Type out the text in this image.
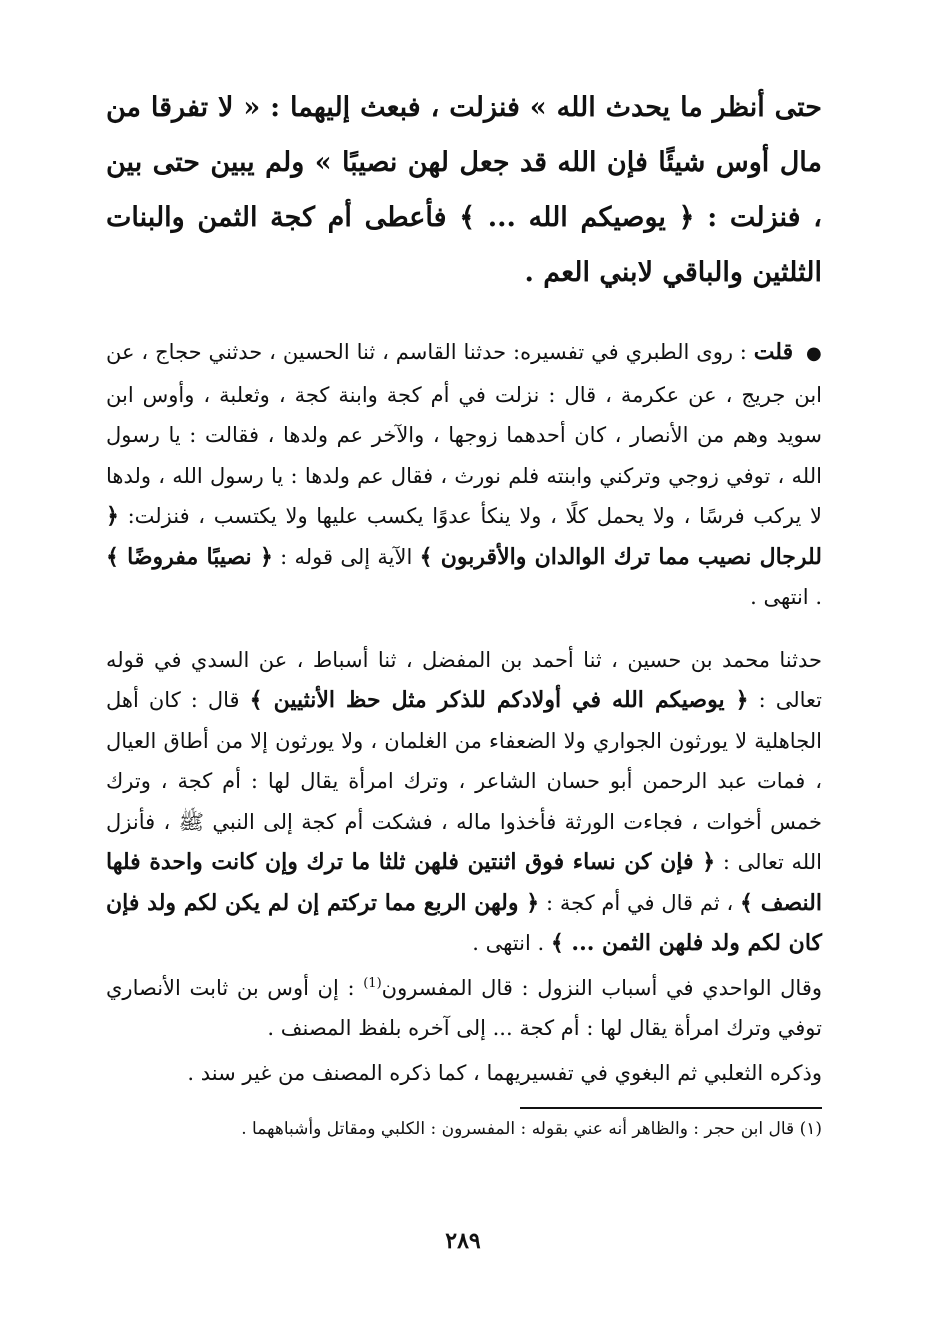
حتى أنظر ما يحدث الله » فنزلت ، فبعث إليهما : « لا تفرقا من مال أوس شيئًا فإن الله قد جعل لهن نصيبًا » ولم يبين حتى بين ، فنزلت : ﴿ يوصيكم الله ... ﴾ فأعطى أم كجة الثمن والبنات الثلثين والباقي لابني العم .

● قلت : روى الطبري في تفسيره: حدثنا القاسم ، ثنا الحسين ، حدثني حجاج ، عن ابن جريج ، عن عكرمة ، قال : نزلت في أم كجة وابنة كجة ، وثعلبة ، وأوس ابن سويد وهم من الأنصار ، كان أحدهما زوجها ، والآخر عم ولدها ، فقالت : يا رسول الله ، توفي زوجي وتركني وابنته فلم نورث ، فقال عم ولدها : يا رسول الله ، ولدها لا يركب فرسًا ، ولا يحمل كلًا ، ولا ينكأ عدوًا يكسب عليها ولا يكتسب ، فنزلت: ﴿ للرجال نصيب مما ترك الوالدان والأقربون ﴾ الآية إلى قوله : ﴿ نصيبًا مفروضًا ﴾ . انتهى .

حدثنا محمد بن حسين ، ثنا أحمد بن المفضل ، ثنا أسباط ، عن السدي في قوله تعالى : ﴿ يوصيكم الله في أولادكم للذكر مثل حظ الأنثيين ﴾ قال : كان أهل الجاهلية لا يورثون الجواري ولا الضعفاء من الغلمان ، ولا يورثون إلا من أطاق العيال ، فمات عبد الرحمن أبو حسان الشاعر ، وترك امرأة يقال لها : أم كجة ، وترك خمس أخوات ، فجاءت الورثة فأخذوا ماله ، فشكت أم كجة إلى النبي ﷺ ، فأنزل الله تعالى : ﴿ فإن كن نساء فوق اثنتين فلهن ثلثا ما ترك وإن كانت واحدة فلها النصف ﴾ ، ثم قال في أم كجة : ﴿ ولهن الربع مما تركتم إن لم يكن لكم ولد فإن كان لكم ولد فلهن الثمن ... ﴾ . انتهى .

وقال الواحدي في أسباب النزول : قال المفسرون$^{(1)}$ : إن أوس بن ثابت الأنصاري توفي وترك امرأة يقال لها : أم كجة ... إلى آخره بلفظ المصنف .

وذكره الثعلبي ثم البغوي في تفسيريهما ، كما ذكره المصنف من غير سند .

(١) قال ابن حجر : والظاهر أنه عني بقوله : المفسرون : الكلبي ومقاتل وأشباههما .
٢٨٩
